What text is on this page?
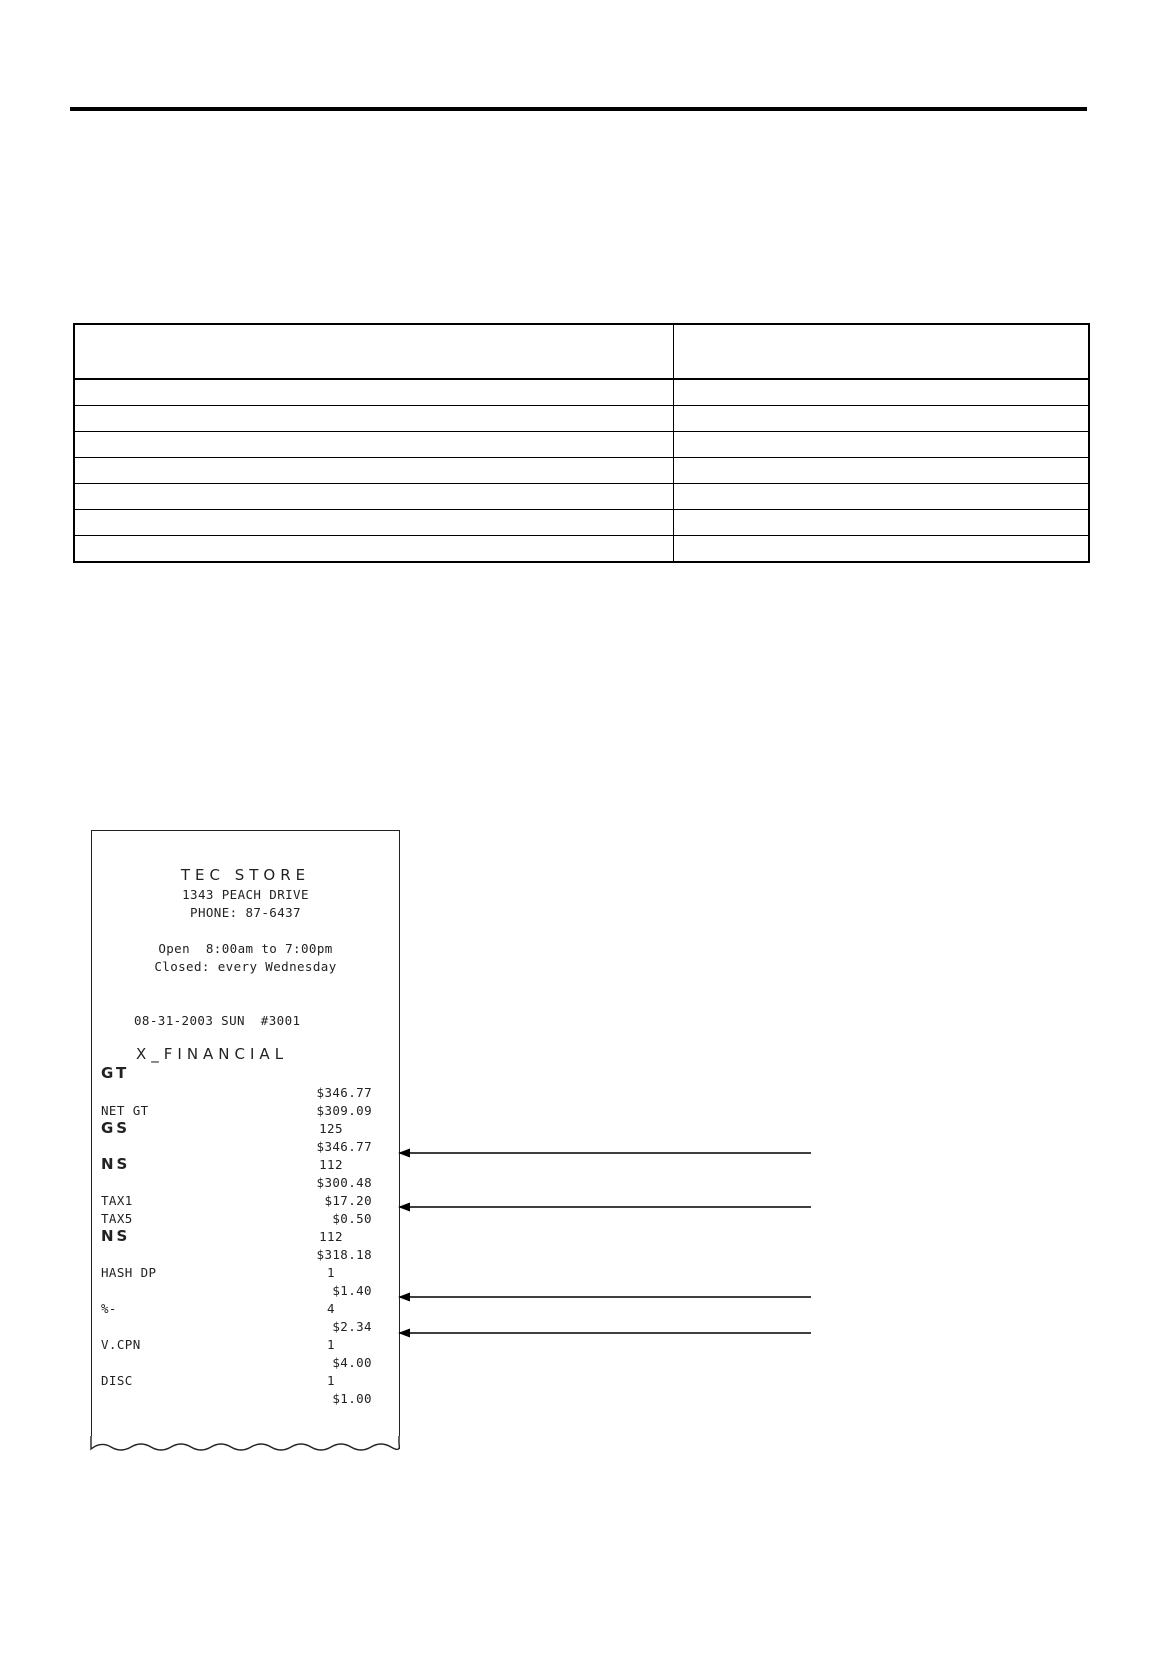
TEC STORE
1343 PEACH DRIVE
PHONE: 87-6437
Open  8:00am to 7:00pm
Closed: every Wednesday
08-31-2003 SUN  #3001
X_FINANCIAL
GT
$346.77
NET GT	$309.09
GS	125
$346.77
NS	112
$300.48
TAX1	$17.20
TAX5	$0.50
NS	112
$318.18
HASH DP	1
$1.40
%-	4
$2.34
V.CPN	1
$4.00
DISC	1
$1.00
